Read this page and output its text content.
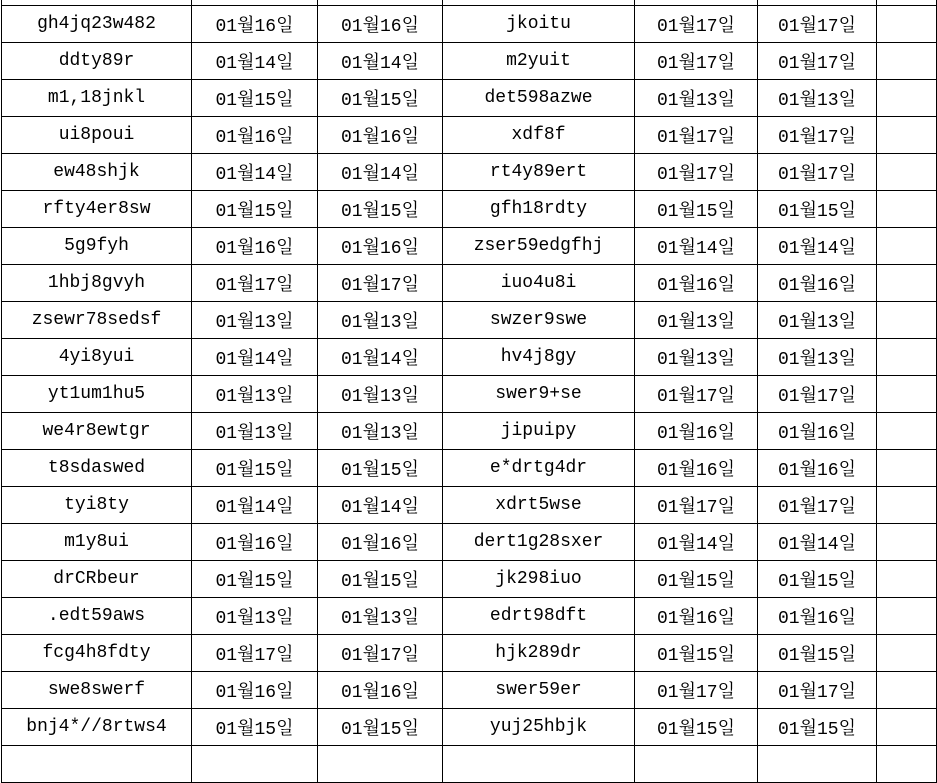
gh4jq23w482	01월16일	01월16일	jkoitu	01월17일	01월17일	
ddty89r	01월14일	01월14일	m2yuit	01월17일	01월17일	
m1,18jnkl	01월15일	01월15일	det598azwe	01월13일	01월13일	
ui8poui	01월16일	01월16일	xdf8f	01월17일	01월17일	
ew48shjk	01월14일	01월14일	rt4y89ert	01월17일	01월17일	
rfty4er8sw	01월15일	01월15일	gfh18rdty	01월15일	01월15일	
5g9fyh	01월16일	01월16일	zser59edgfhj	01월14일	01월14일	
1hbj8gvyh	01월17일	01월17일	iuo4u8i	01월16일	01월16일	
zsewr78sedsf	01월13일	01월13일	swzer9swe	01월13일	01월13일	
4yi8yui	01월14일	01월14일	hv4j8gy	01월13일	01월13일	
yt1um1hu5	01월13일	01월13일	swer9+se	01월17일	01월17일	
we4r8ewtgr	01월13일	01월13일	jipuipy	01월16일	01월16일	
t8sdaswed	01월15일	01월15일	e*drtg4dr	01월16일	01월16일	
tyi8ty	01월14일	01월14일	xdrt5wse	01월17일	01월17일	
m1y8ui	01월16일	01월16일	dert1g28sxer	01월14일	01월14일	
drCRbeur	01월15일	01월15일	jk298iuo	01월15일	01월15일	
.edt59aws	01월13일	01월13일	edrt98dft	01월16일	01월16일	
fcg4h8fdty	01월17일	01월17일	hjk289dr	01월15일	01월15일	
swe8swerf	01월16일	01월16일	swer59er	01월17일	01월17일	
bnj4*//8rtws4	01월15일	01월15일	yuj25hbjk	01월15일	01월15일	
